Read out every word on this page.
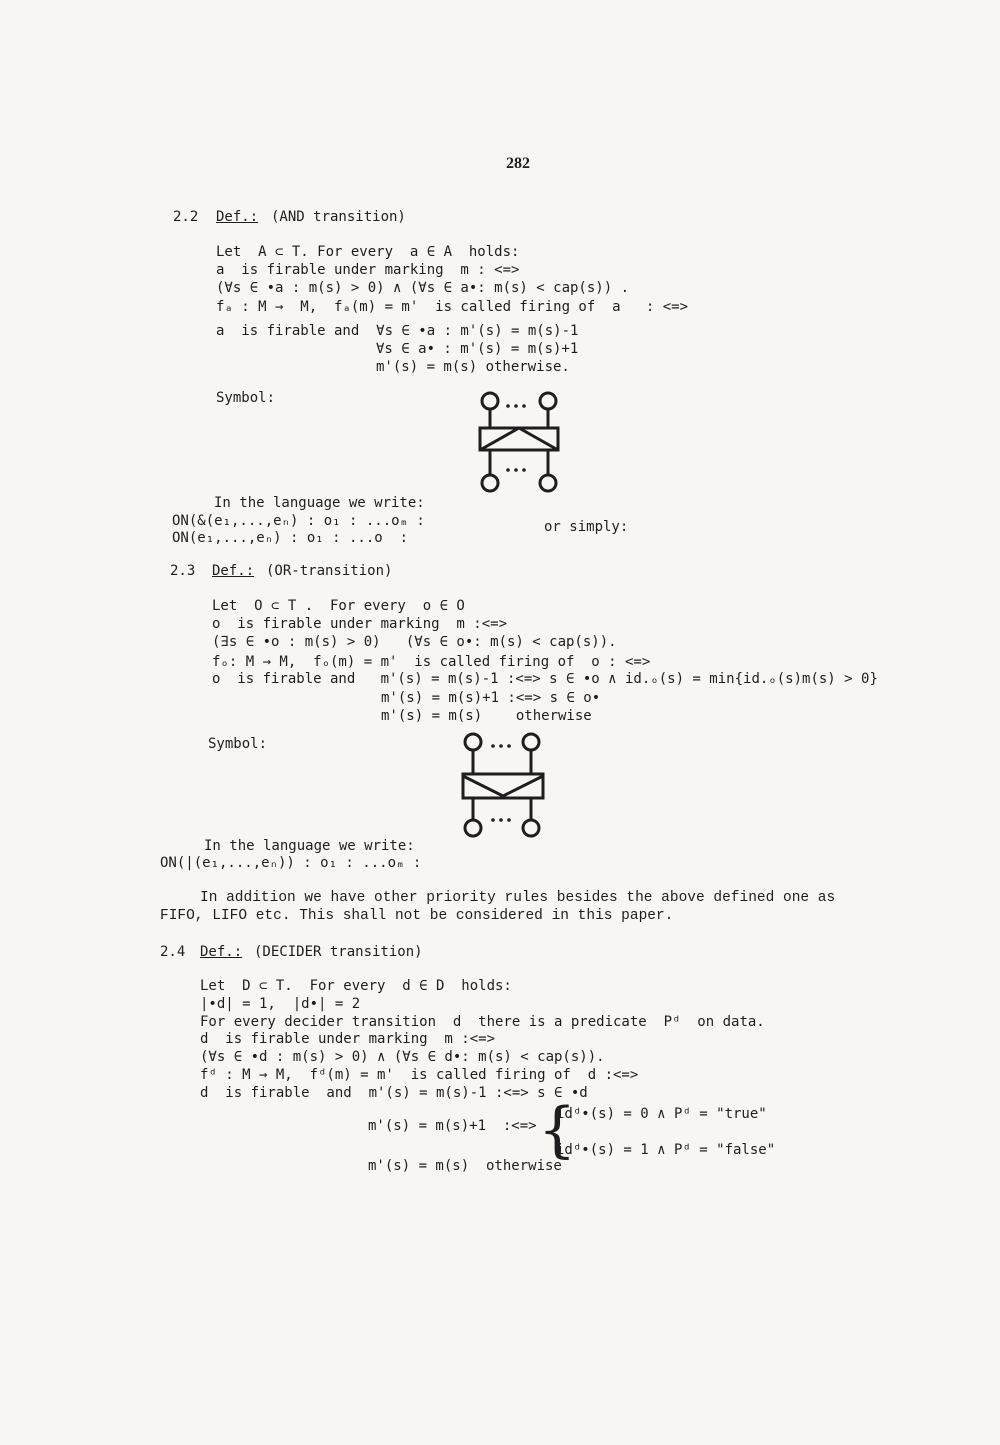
282
2.2 Def.: (AND transition)
Let  A ⊂ T. For every  a ∈ A  holds:
a  is firable under marking  m : <=>
(∀s ∈ •a : m(s) > 0) ∧ (∀s ∈ a•: m(s) < cap(s)) .
fₐ : M →  M,  fₐ(m) = m'  is called firing of  a   : <=>
a  is firable and  ∀s ∈ •a : m'(s) = m(s)-1
∀s ∈ a• : m'(s) = m(s)+1
m'(s) = m(s) otherwise.
Symbol:
In the language we write:
ON(&(e₁,...,eₙ) : o₁ : ...oₘ :
ON(e₁,...,eₙ) : o₁ : ...o  :
or simply:
2.3 Def.: (OR-transition)
Let  O ⊂ T .  For every  o ∈ O
o  is firable under marking  m :<=>
(∃s ∈ •o : m(s) > 0)   (∀s ∈ o•: m(s) < cap(s)).
fₒ: M → M,  fₒ(m) = m'  is called firing of  o : <=>
o  is firable and   m'(s) = m(s)-1 :<=> s ∈ •o ∧ id.ₒ(s) = min{id.ₒ(s)m(s) > 0}
m'(s) = m(s)+1 :<=> s ∈ o•
m'(s) = m(s)    otherwise
Symbol:
In the language we write:
ON(|(e₁,...,eₙ)) : o₁ : ...oₘ :
In addition we have other priority rules besides the above defined one as
FIFO, LIFO etc. This shall not be considered in this paper.
2.4 Def.: (DECIDER transition)
Let  D ⊂ T.  For every  d ∈ D  holds:
|•d| = 1,  |d•| = 2
For every decider transition  d  there is a predicate  Pᵈ  on data.
d  is firable under marking  m :<=>
(∀s ∈ •d : m(s) > 0) ∧ (∀s ∈ d•: m(s) < cap(s)).
fᵈ : M → M,  fᵈ(m) = m'  is called firing of  d :<=>
d  is firable  and  m'(s) = m(s)-1 :<=> s ∈ •d
m'(s) = m(s)+1  :<=> {
idᵈ•(s) = 0 ∧ Pᵈ = "true"
idᵈ•(s) = 1 ∧ Pᵈ = "false"
m'(s) = m(s)  otherwise
